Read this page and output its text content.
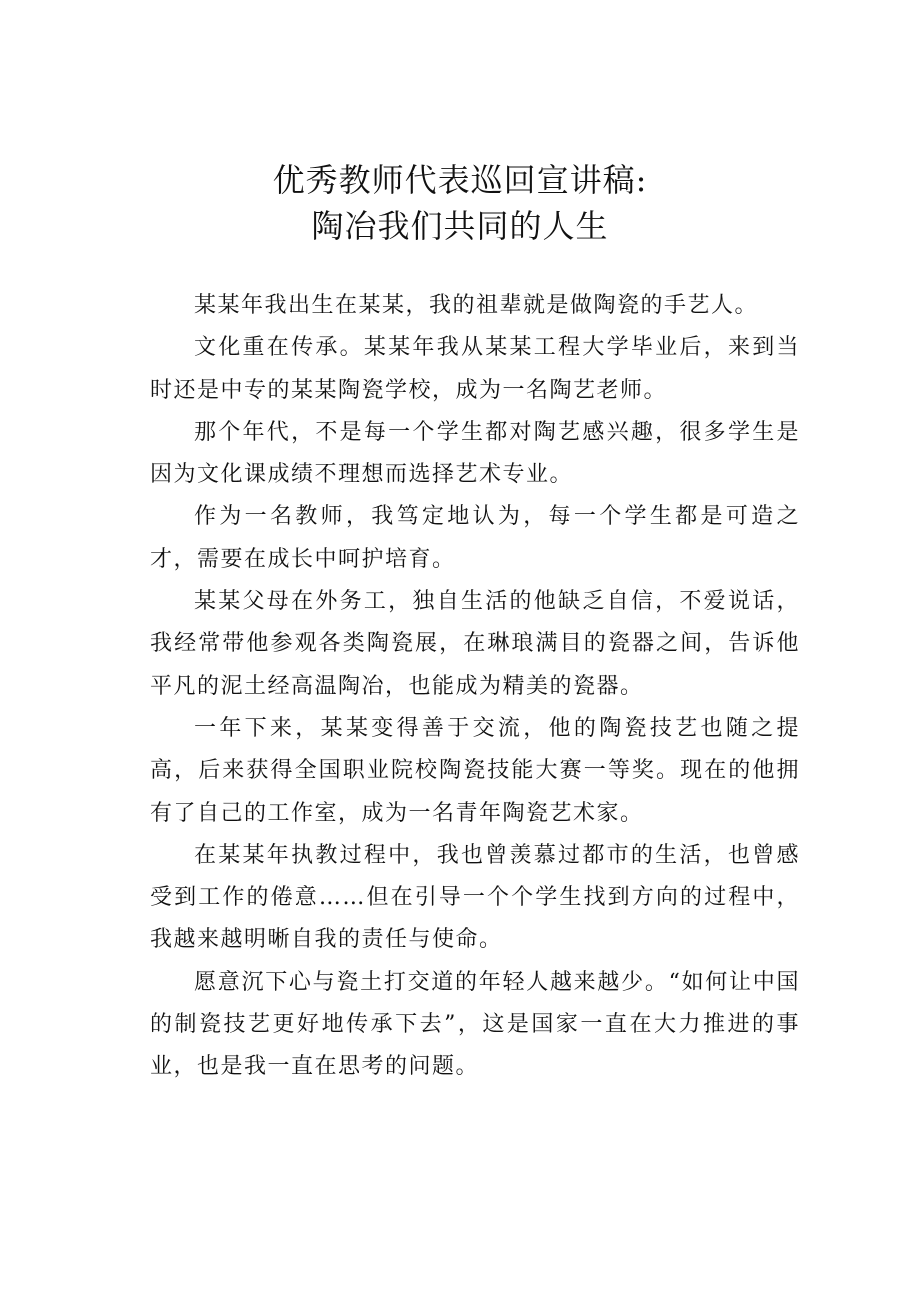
优秀教师代表巡回宣讲稿:
陶冶我们共同的人生

某某年我出生在某某，我的祖辈就是做陶瓷的手艺人。

文化重在传承。某某年我从某某工程大学毕业后，来到当时还是中专的某某陶瓷学校，成为一名陶艺老师。

那个年代，不是每一个学生都对陶艺感兴趣，很多学生是因为文化课成绩不理想而选择艺术专业。

作为一名教师，我笃定地认为，每一个学生都是可造之才，需要在成长中呵护培育。

某某父母在外务工，独自生活的他缺乏自信，不爱说话，我经常带他参观各类陶瓷展，在琳琅满目的瓷器之间，告诉他平凡的泥土经高温陶冶，也能成为精美的瓷器。

一年下来，某某变得善于交流，他的陶瓷技艺也随之提高，后来获得全国职业院校陶瓷技能大赛一等奖。现在的他拥有了自己的工作室，成为一名青年陶瓷艺术家。

在某某年执教过程中，我也曾羡慕过都市的生活，也曾感受到工作的倦意……但在引导一个个学生找到方向的过程中，我越来越明晰自我的责任与使命。

愿意沉下心与瓷土打交道的年轻人越来越少。“如何让中国的制瓷技艺更好地传承下去”，这是国家一直在大力推进的事业，也是我一直在思考的问题。
